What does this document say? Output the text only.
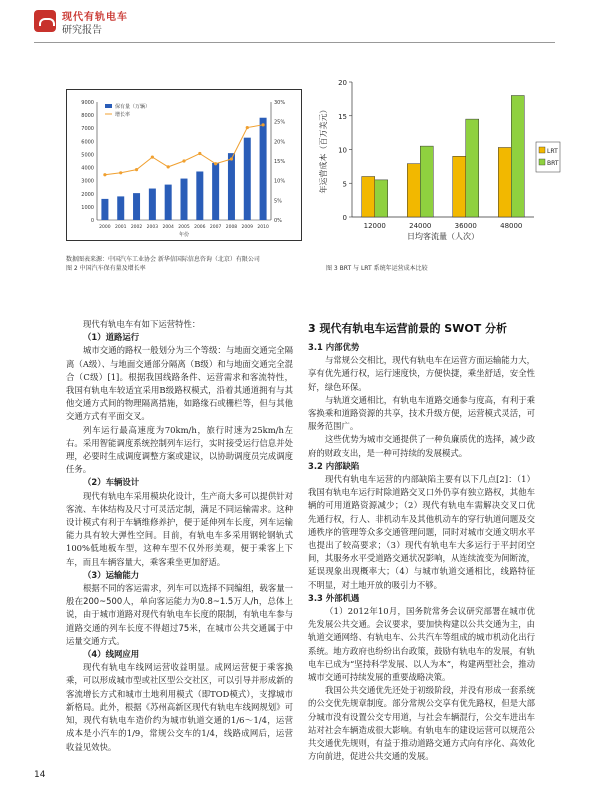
现代有轨电车
研究报告
0
1000
2000
3000
4000
5000
6000
7000
8000
9000
0%
5%
10%
15%
20%
25%
30%
2000 2001 2002 2003 2004 2005 2006 2007 2008 2009 2010
年份
保有量（万辆）
增长率
数据图表来源：中国汽车工业协会 新华信国际信息咨询（北京）有限公司
图 2 中国汽车保有量及增长率
0
5
10
15
20
12000	24000	36000	48000
日均客流量（人次）
年运营成本（百万美元）	LRT
BRT
图 3 BRT 与 LRT 系统年运营成本比较

现代有轨电车有如下运营特性：

（1）道路运行

城市交通的路权一般划分为三个等级：与地面交通完全隔离（A级）、与地面交通部分隔离（B级）和与地面交通完全混合（C级）[1]。根据我国线路条件、运营需求和客流特性，我国有轨电车较适宜采用B级路权模式，沿着其通道拥有与其他交通方式间的物理隔离措施，如路缘石或栅栏等，但与其他交通方式有平面交叉。

列车运行最高速度为70km/h，旅行时速为25km/h左右。采用智能调度系统控制列车运行，实时接受运行信息并处理，必要时生成调度调整方案或建议，以协助调度员完成调度任务。

（2）车辆设计

现代有轨电车采用模块化设计，生产商大多可以提供针对客流、车体结构及尺寸可灵活定制，满足不同运输需求。这种设计模式有利于车辆维修养护，便于延伸列车长度，列车运输能力具有较大弹性空间。目前，有轨电车多采用钢轮钢轨式100%低地板车型，这种车型不仅外形美观，便于乘客上下车，而且车辆容量大，乘客乘坐更加舒适。

（3）运输能力

根据不同的客运需求，列车可以选择不同编组，载客量一般在200~500人，单向客运能力为0.8~1.5万人/h，总体上说，由于城市道路对现代有轨电车长度的限制，有轨电车参与道路交通的列车长度不得超过75米，在城市公共交通属于中运量交通方式。

（4）线网应用

现代有轨电车线网运营收益明显。成网运营便于乘客换乘，可以形成城市型或社区型公交社区，可以引导并形成新的客流增长方式和城市土地利用模式（即TOD模式），支撑城市新格局。此外，根据《苏州高新区现代有轨电车线网规划》可知，现代有轨电车造价约为城市轨道交通的1/6～1/4，运营成本是小汽车的1/9，常规公交车的1/4，线路成网后，运营收益见效快。

3 现代有轨电车运营前景的 SWOT 分析

3.1 内部优势

与常规公交相比，现代有轨电车在运营方面运输能力大，享有优先通行权，运行速度快，方便快捷，乘坐舒适，安全性好，绿色环保。

与轨道交通相比，有轨电车道路交通参与度高，有利于乘客换乘和道路资源的共享，技术升级方便，运营模式灵活，可服务范围广。

这些优势为城市交通提供了一种负廉质优的选择，减少政府的财政支出，是一种可持续的发展模式。

3.2 内部缺陷

现代有轨电车运营的内部缺陷主要有以下几点[2]：（1）我国有轨电车运行时除道路交叉口外仍享有独立路权，其他车辆的可用道路资源减少；（2）现代有轨电车需解决交叉口优先通行权，行人、非机动车及其他机动车的穿行轨道问题及交通秩序的管理等众多交通管理问题，同时对城市交通文明水平也提出了较高要求；（3）现代有轨电车大多运行于平封闭空间，其服务水平受道路交通状况影响，从连续流变为间断流，延误现象出现概率大；（4）与城市轨道交通相比，线路特征不明显，对土地开放的吸引力不够。

3.3 外部机遇

（1）2012年10月，国务院常务会议研究部署在城市优先发展公共交通。会议要求，要加快构建以公共交通为主，由轨道交通网络、有轨电车、公共汽车等组成的城市机动化出行系统。地方政府也纷纷出台政策，鼓励有轨电车的发展，有轨电车已成为“坚持科学发展、以人为本”，构建两型社会，推动城市交通可持续发展的重要战略决策。

我国公共交通优先还处于初级阶段，并没有形成一套系统的公交优先规章制度。部分常规公交享有优先路权，但是大部分城市没有设置公交专用道，与社会车辆混行，公交车进出车站对社会车辆造成很大影响。有轨电车的建设运营可以规范公共交通优先规则，有益于推动道路交通方式向有序化、高效化方向前进，促进公共交通的发展。

14
